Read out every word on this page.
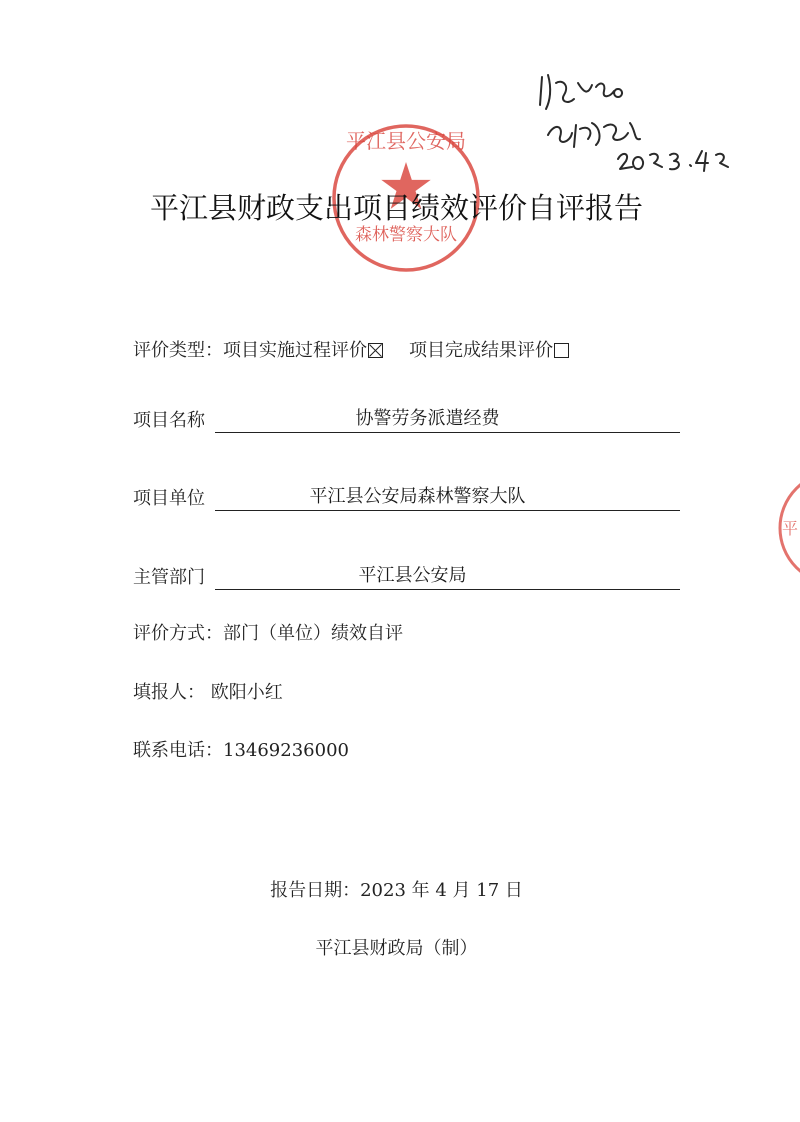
平江县公安局
森林警察大队
平
平江县财政支出项目绩效评价自评报告
评价类型：项目实施过程评价 项目完成结果评价
项目名称	协警劳务派遣经费
项目单位	平江县公安局森林警察大队
主管部门	平江县公安局
评价方式：部门（单位）绩效自评
填报人： 欧阳小红
联系电话：13469236000
报告日期：2023 年 4 月 17 日
平江县财政局（制）
